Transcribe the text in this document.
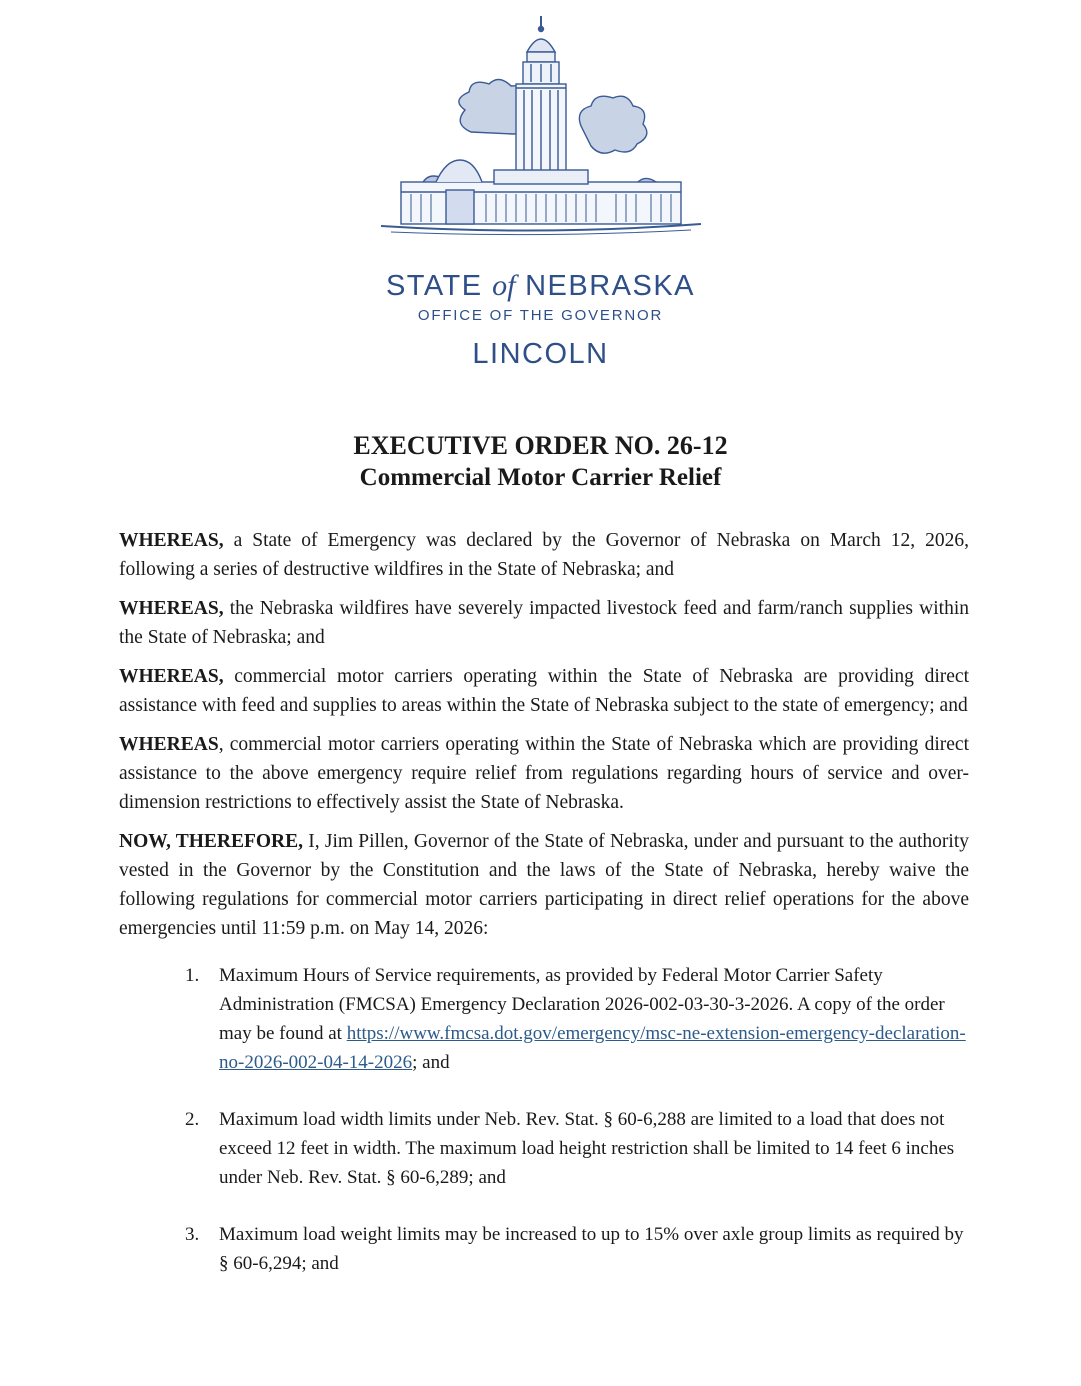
STATE of NEBRASKA
OFFICE OF THE GOVERNOR
LINCOLN
EXECUTIVE ORDER NO. 26-12
Commercial Motor Carrier Relief

WHEREAS, a State of Emergency was declared by the Governor of Nebraska on March 12, 2026, following a series of destructive wildfires in the State of Nebraska; and

WHEREAS, the Nebraska wildfires have severely impacted livestock feed and farm/ranch supplies within the State of Nebraska; and

WHEREAS, commercial motor carriers operating within the State of Nebraska are providing direct assistance with feed and supplies to areas within the State of Nebraska subject to the state of emergency; and

WHEREAS, commercial motor carriers operating within the State of Nebraska which are providing direct assistance to the above emergency require relief from regulations regarding hours of service and over-dimension restrictions to effectively assist the State of Nebraska.

NOW, THEREFORE, I, Jim Pillen, Governor of the State of Nebraska, under and pursuant to the authority vested in the Governor by the Constitution and the laws of the State of Nebraska, hereby waive the following regulations for commercial motor carriers participating in direct relief operations for the above emergencies until 11:59 p.m. on May 14, 2026:

1. Maximum Hours of Service requirements, as provided by Federal Motor Carrier Safety Administration (FMCSA) Emergency Declaration 2026-002-03-30-3-2026. A copy of the order may be found at https://www.fmcsa.dot.gov/emergency/msc-ne-extension-emergency-declaration-no-2026-002-04-14-2026; and
2. Maximum load width limits under Neb. Rev. Stat. § 60-6,288 are limited to a load that does not exceed 12 feet in width. The maximum load height restriction shall be limited to 14 feet 6 inches under Neb. Rev. Stat. § 60-6,289; and
3. Maximum load weight limits may be increased to up to 15% over axle group limits as required by § 60-6,294; and
